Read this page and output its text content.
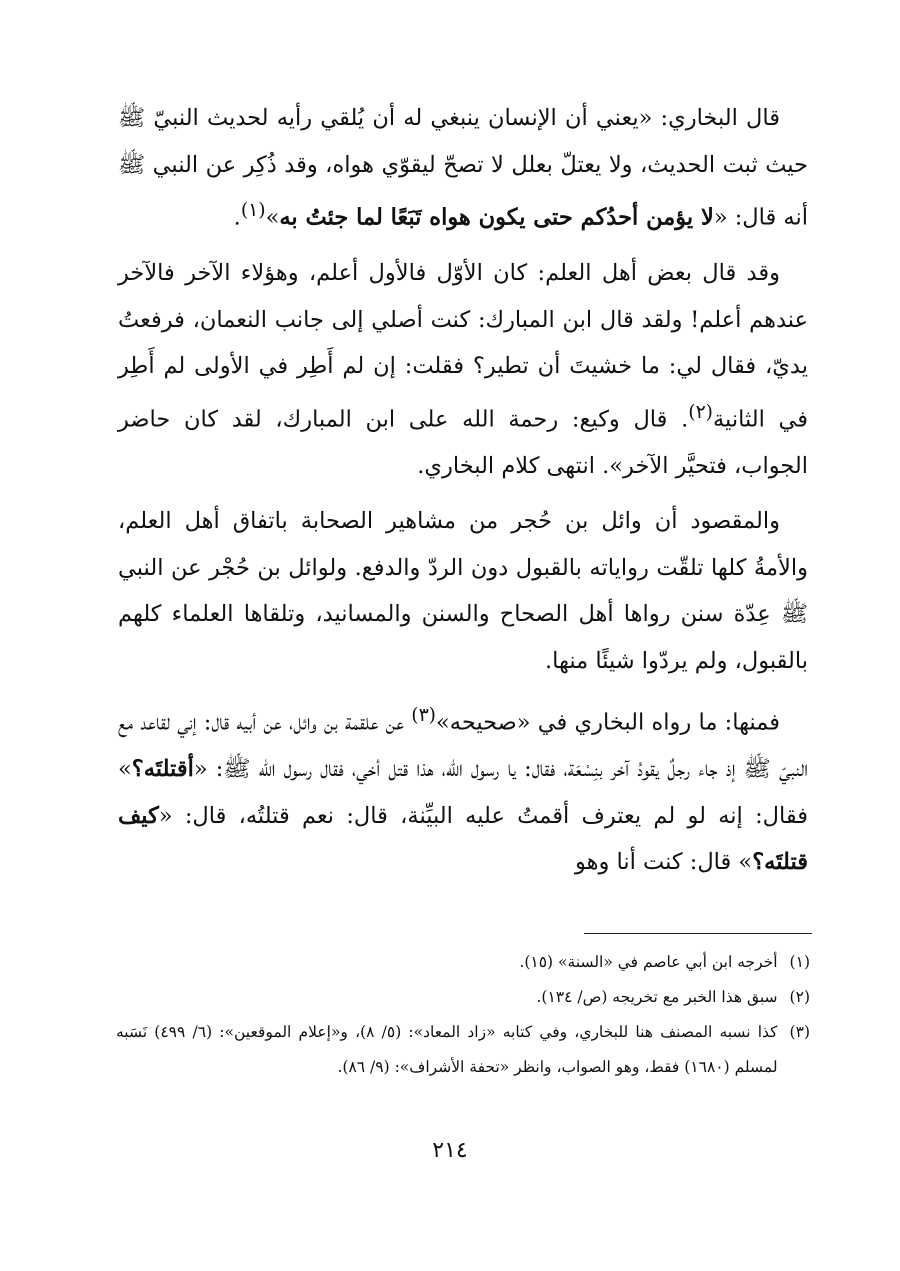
قال البخاري: «يعني أن الإنسان ينبغي له أن يُلقي رأيه لحديث النبيّ ﷺ حيث ثبت الحديث، ولا يعتلّ بعلل لا تصحّ ليقوّي هواه، وقد ذُكِر عن النبي ﷺ أنه قال: «لا يؤمن أحدُكم حتى يكون هواه تَبَعًا لما جئتُ به»$^{(١)}$.

وقد قال بعض أهل العلم: كان الأوّل فالأول أعلم، وهؤلاء الآخر فالآخر عندهم أعلم! ولقد قال ابن المبارك: كنت أصلي إلى جانب النعمان، فرفعتُ يديّ، فقال لي: ما خشيتَ أن تطير؟ فقلت: إن لم أَطِر في الأولى لم أَطِر في الثانية$^{(٢)}$. قال وكيع: رحمة الله على ابن المبارك، لقد كان حاضر الجواب، فتحيَّر الآخر». انتهى كلام البخاري.

والمقصود أن وائل بن حُجر من مشاهير الصحابة باتفاق أهل العلم، والأمةُ كلها تلقّت رواياته بالقبول دون الردّ والدفع. ولوائل بن حُجْر عن النبي ﷺ عِدّة سنن رواها أهل الصحاح والسنن والمسانيد، وتلقاها العلماء كلهم بالقبول، ولم يردّوا شيئًا منها.

فمنها: ما رواه البخاري في «صحيحه»$^{(٣)}$ عن علقمة بن وائل، عن أبيه قال: إني لقاعد مع النبيّ ﷺ إذ جاء رجلٌ يقودُ آخر بنِسْعَة، فقال: يا رسول الله، هذا قتل أخي، فقال رسول الله ﷺ: «أقتلتَه؟» فقال: إنه لو لم يعترف أقمتُ عليه البيِّنة، قال: نعم قتلتُه، قال: «كيف قتلتَه؟» قال: كنت أنا وهو

(١)
أخرجه ابن أبي عاصم في «السنة» (١٥).
(٢)
سبق هذا الخبر مع تخريجه (ص/ ١٣٤).
(٣)
كذا نسبه المصنف هنا للبخاري، وفي كتابه «زاد المعاد»: (٥/ ٨)، و«إعلام الموقعين»: (٦/ ٤٩٩) نَسَبه لمسلم (١٦٨٠) فقط، وهو الصواب، وانظر «تحفة الأشراف»: (٩/ ٨٦).
٢١٤
